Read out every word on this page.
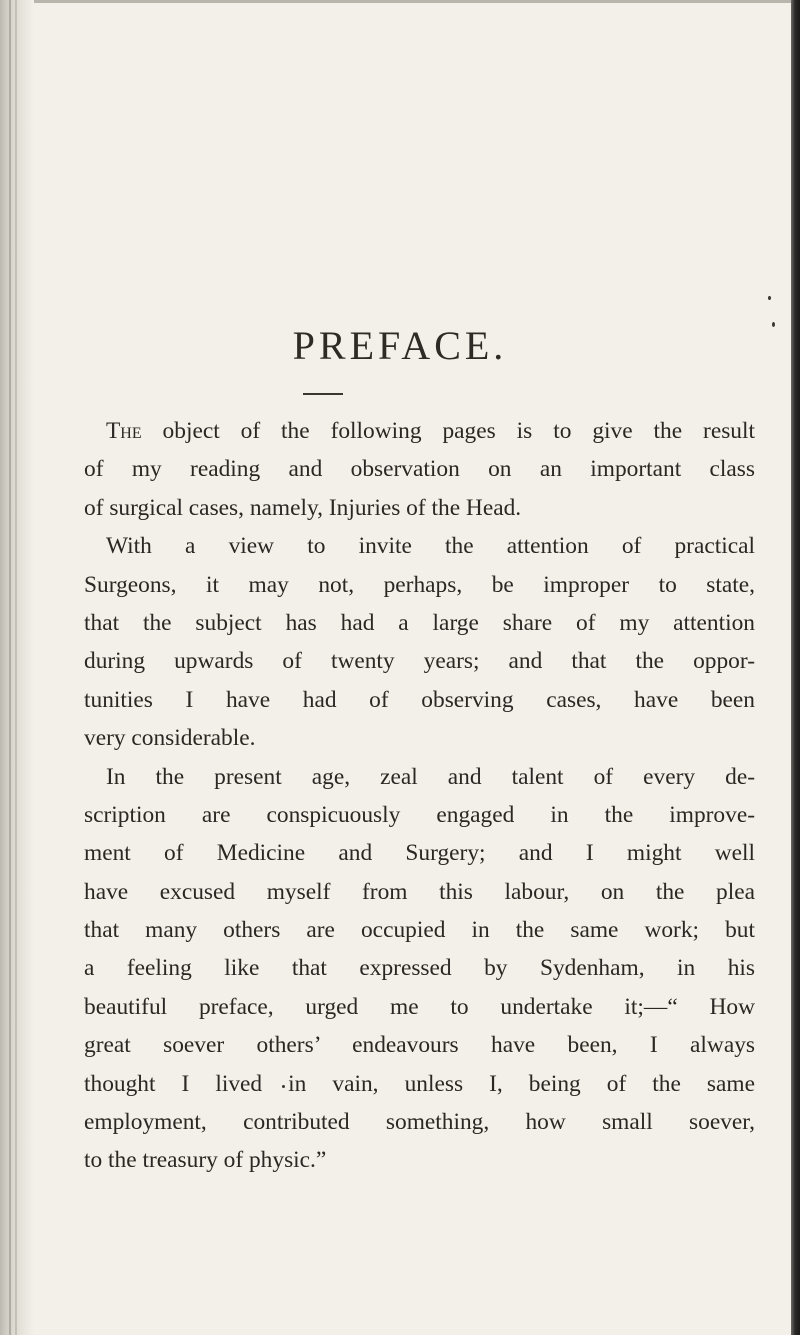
PREFACE.
The object of the following pages is to give the result
of my reading and observation on an important class
of surgical cases, namely, Injuries of the Head.
With a view to invite the attention of practical
Surgeons, it may not, perhaps, be improper to state,
that the subject has had a large share of my attention
during upwards of twenty years; and that the oppor-
tunities I have had of observing cases, have been
very considerable.
In the present age, zeal and talent of every de-
scription are conspicuously engaged in the improve-
ment of Medicine and Surgery; and I might well
have excused myself from this labour, on the plea
that many others are occupied in the same work; but
a feeling like that expressed by Sydenham, in his
beautiful preface, urged me to undertake it;—“ How
great soever others’ endeavours have been, I always
thought I lived in vain, unless I, being of the same
employment, contributed something, how small soever,
to the treasury of physic.”
